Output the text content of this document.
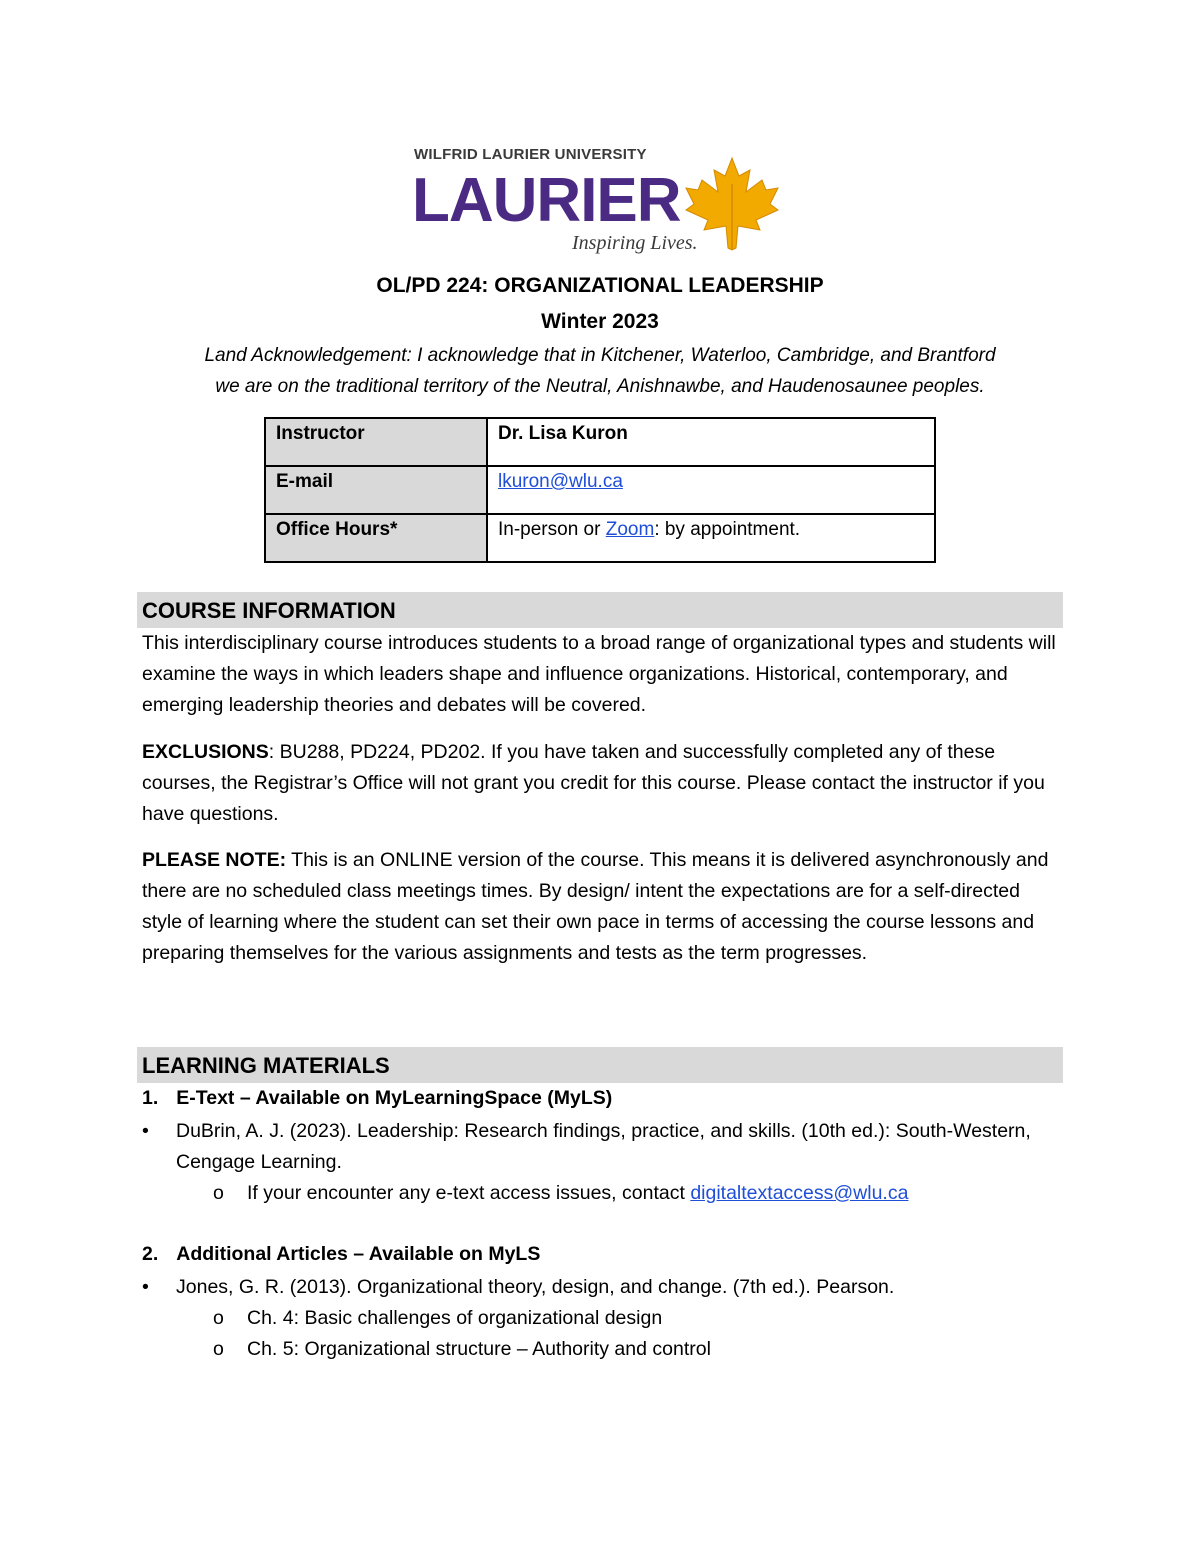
WILFRID LAURIER UNIVERSITY
LAURIER
Inspiring Lives.
OL/PD 224: ORGANIZATIONAL LEADERSHIP
Winter 2023
Land Acknowledgement: I acknowledge that in Kitchener, Waterloo, Cambridge, and Brantford
we are on the traditional territory of the Neutral, Anishnawbe, and Haudenosaunee peoples.
Instructor	Dr. Lisa Kuron
E-mail	lkuron@wlu.ca
Office Hours*	In-person or Zoom: by appointment.
COURSE INFORMATION
This interdisciplinary course introduces students to a broad range of organizational types and students will examine the ways in which leaders shape and influence organizations. Historical, contemporary, and emerging leadership theories and debates will be covered.
EXCLUSIONS: BU288, PD224, PD202. If you have taken and successfully completed any of these courses, the Registrar’s Office will not grant you credit for this course. Please contact the instructor if you have questions.
PLEASE NOTE: This is an ONLINE version of the course. This means it is delivered asynchronously and there are no scheduled class meetings times. By design/ intent the expectations are for a self-directed style of learning where the student can set their own pace in terms of accessing the course lessons and preparing themselves for the various assignments and tests as the term progresses.
LEARNING MATERIALS
1. E-Text – Available on MyLearningSpace (MyLS)
•	DuBrin, A. J. (2023). Leadership: Research findings, practice, and skills. (10th ed.): South-Western, Cengage Learning.
o If your encounter any e-text access issues, contact digitaltextaccess@wlu.ca
2. Additional Articles – Available on MyLS
•	Jones, G. R. (2013). Organizational theory, design, and change. (7th ed.). Pearson.
o Ch. 4: Basic challenges of organizational design
o Ch. 5: Organizational structure – Authority and control
